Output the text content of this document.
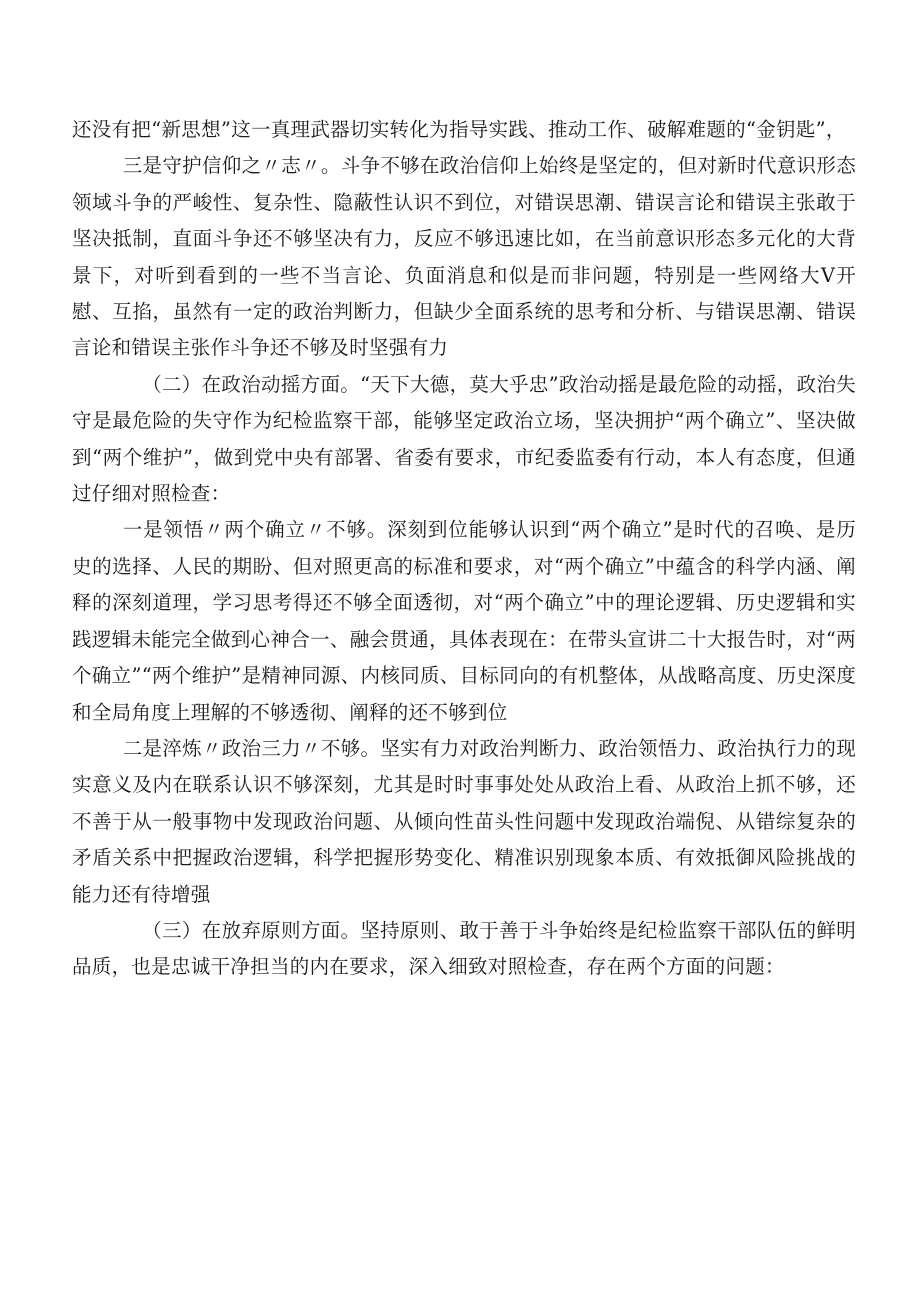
还没有把“新思想”这一真理武器切实转化为指导实践、推动工作、破解难题的“金钥匙”，

三是守护信仰之〃志〃。斗争不够在政治信仰上始终是坚定的，但对新时代意识形态领域斗争的严峻性、复杂性、隐蔽性认识不到位，对错误思潮、错误言论和错误主张敢于坚决抵制，直面斗争还不够坚决有力，反应不够迅速比如，在当前意识形态多元化的大背景下，对听到看到的一些不当言论、负面消息和似是而非问题，特别是一些网络大V开慰、互掐，虽然有一定的政治判断力，但缺少全面系统的思考和分析、与错误思潮、错误言论和错误主张作斗争还不够及时坚强有力

（二）在政治动摇方面。“天下大德，莫大乎忠”政治动摇是最危险的动摇，政治失守是最危险的失守作为纪检监察干部，能够坚定政治立场，坚决拥护“两个确立”、坚决做到“两个维护”，做到党中央有部署、省委有要求，市纪委监委有行动，本人有态度，但通过仔细对照检查：

一是领悟〃两个确立〃不够。深刻到位能够认识到“两个确立”是时代的召唤、是历史的选择、人民的期盼、但对照更高的标准和要求，对“两个确立”中蕴含的科学内涵、阐释的深刻道理，学习思考得还不够全面透彻，对“两个确立”中的理论逻辑、历史逻辑和实践逻辑未能完全做到心神合一、融会贯通，具体表现在：在带头宣讲二十大报告时，对“两个确立”“两个维护”是精神同源、内核同质、目标同向的有机整体，从战略高度、历史深度和全局角度上理解的不够透彻、阐释的还不够到位

二是淬炼〃政治三力〃不够。坚实有力对政治判断力、政治领悟力、政治执行力的现实意义及内在联系认识不够深刻，尤其是时时事事处处从政治上看、从政治上抓不够，还不善于从一般事物中发现政治问题、从倾向性苗头性问题中发现政治端倪、从错综复杂的矛盾关系中把握政治逻辑，科学把握形势变化、精准识别现象本质、有效抵御风险挑战的能力还有待增强

（三）在放弃原则方面。坚持原则、敢于善于斗争始终是纪检监察干部队伍的鲜明品质，也是忠诚干净担当的内在要求，深入细致对照检查，存在两个方面的问题：
